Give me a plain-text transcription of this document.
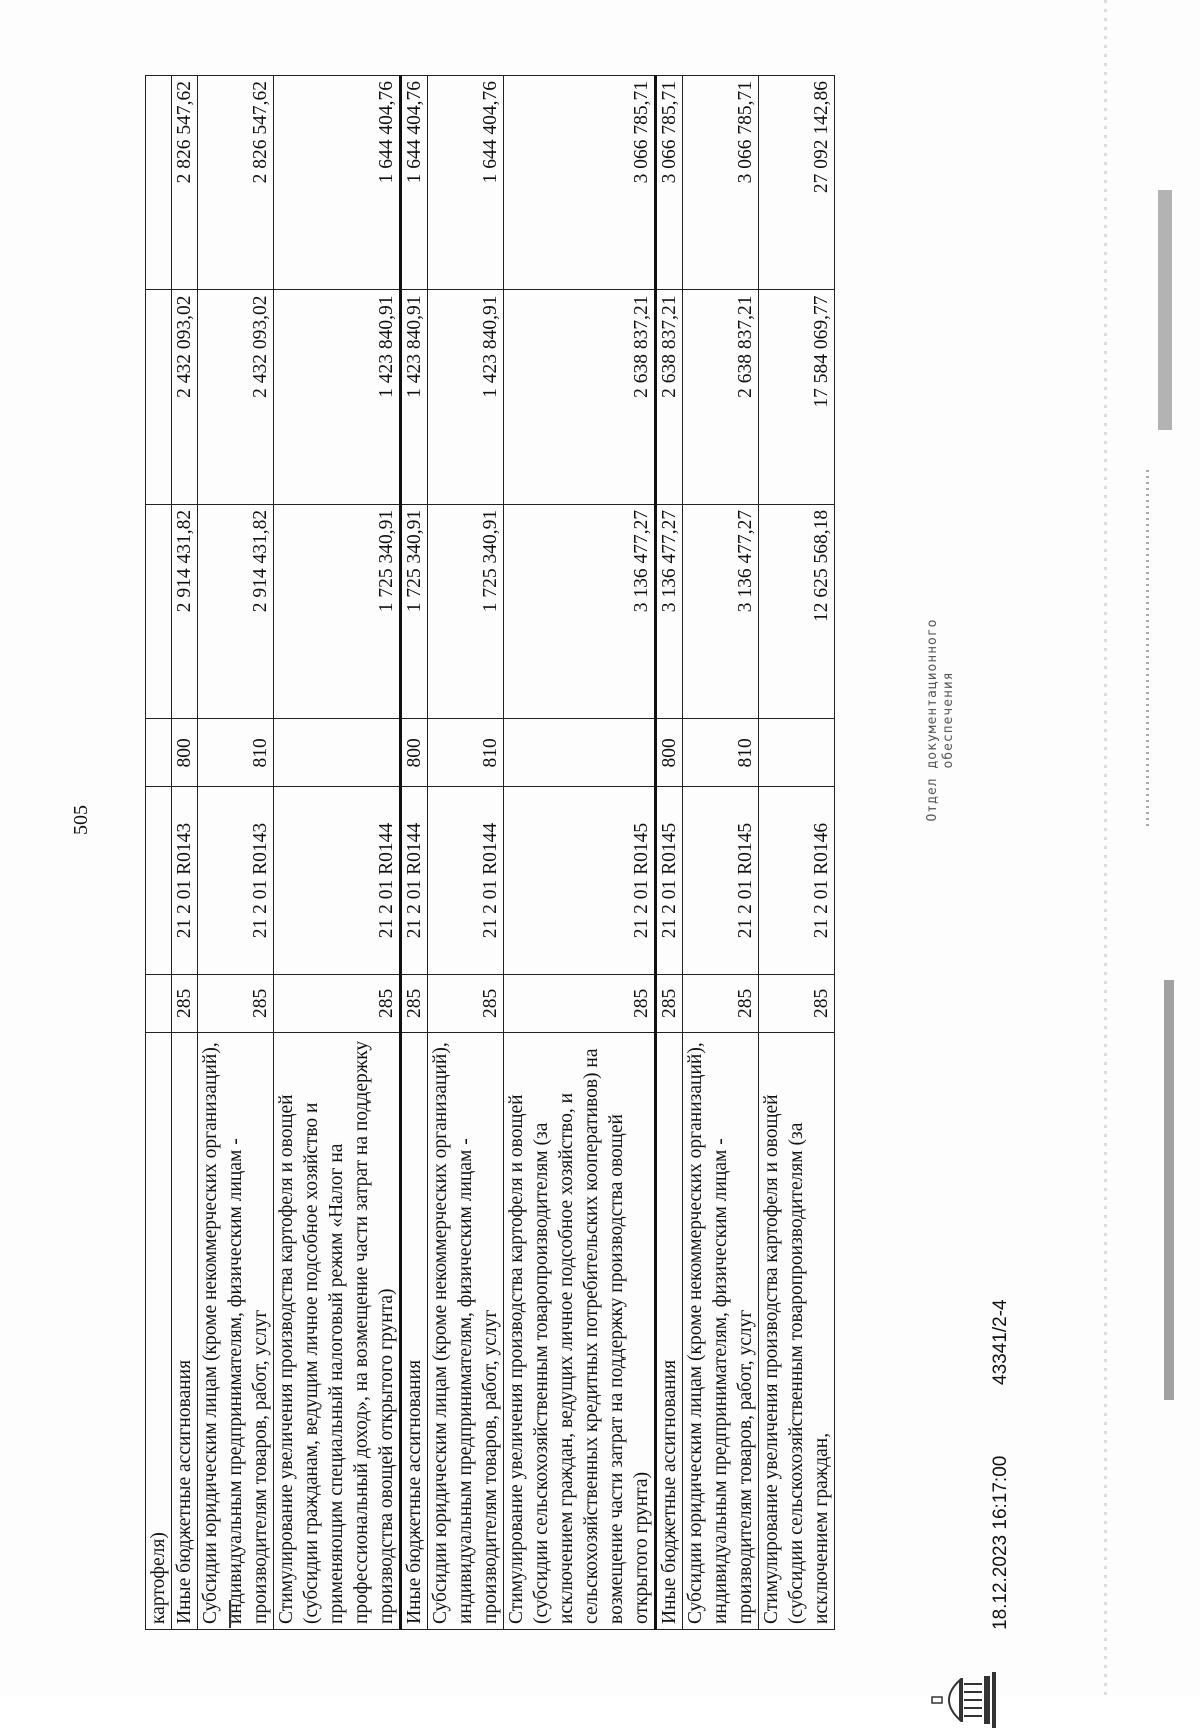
505
картофеля)						
Иные бюджетные ассигнования	285	21 2 01 R0143	800	2 914 431,82	2 432 093,02	2 826 547,62
Субсидии юридическим лицам (кроме некоммерческих организаций), индивидуальным предпринимателям, физическим лицам - производителям товаров, работ, услуг	285	21 2 01 R0143	810	2 914 431,82	2 432 093,02	2 826 547,62
Стимулирование увеличения производства картофеля и овощей (субсидии гражданам, ведущим личное подсобное хозяйство и применяющим специальный налоговый режим «Налог на профессиональный доход», на возмещение части затрат на поддержку производства овощей открытого грунта)	285	21 2 01 R0144		1 725 340,91	1 423 840,91	1 644 404,76
Иные бюджетные ассигнования	285	21 2 01 R0144	800	1 725 340,91	1 423 840,91	1 644 404,76
Субсидии юридическим лицам (кроме некоммерческих организаций), индивидуальным предпринимателям, физическим лицам - производителям товаров, работ, услуг	285	21 2 01 R0144	810	1 725 340,91	1 423 840,91	1 644 404,76
Стимулирование увеличения производства картофеля и овощей (субсидии сельскохозяйственным товаропроизводителям (за исключением граждан, ведущих личное подсобное хозяйство, и сельскохозяйственных кредитных потребительских кооперативов) на возмещение части затрат на поддержку производства овощей открытого грунта)	285	21 2 01 R0145		3 136 477,27	2 638 837,21	3 066 785,71
Иные бюджетные ассигнования	285	21 2 01 R0145	800	3 136 477,27	2 638 837,21	3 066 785,71
Субсидии юридическим лицам (кроме некоммерческих организаций), индивидуальным предпринимателям, физическим лицам - производителям товаров, работ, услуг	285	21 2 01 R0145	810	3 136 477,27	2 638 837,21	3 066 785,71
Стимулирование увеличения производства картофеля и овощей (субсидии сельскохозяйственным товаропроизводителям (за исключением граждан,	285	21 2 01 R0146		12 625 568,18	17 584 069,77	27 092 142,86
18.12.2023 16:17:00
43341/2-4
Отдел документационного обеспечения
